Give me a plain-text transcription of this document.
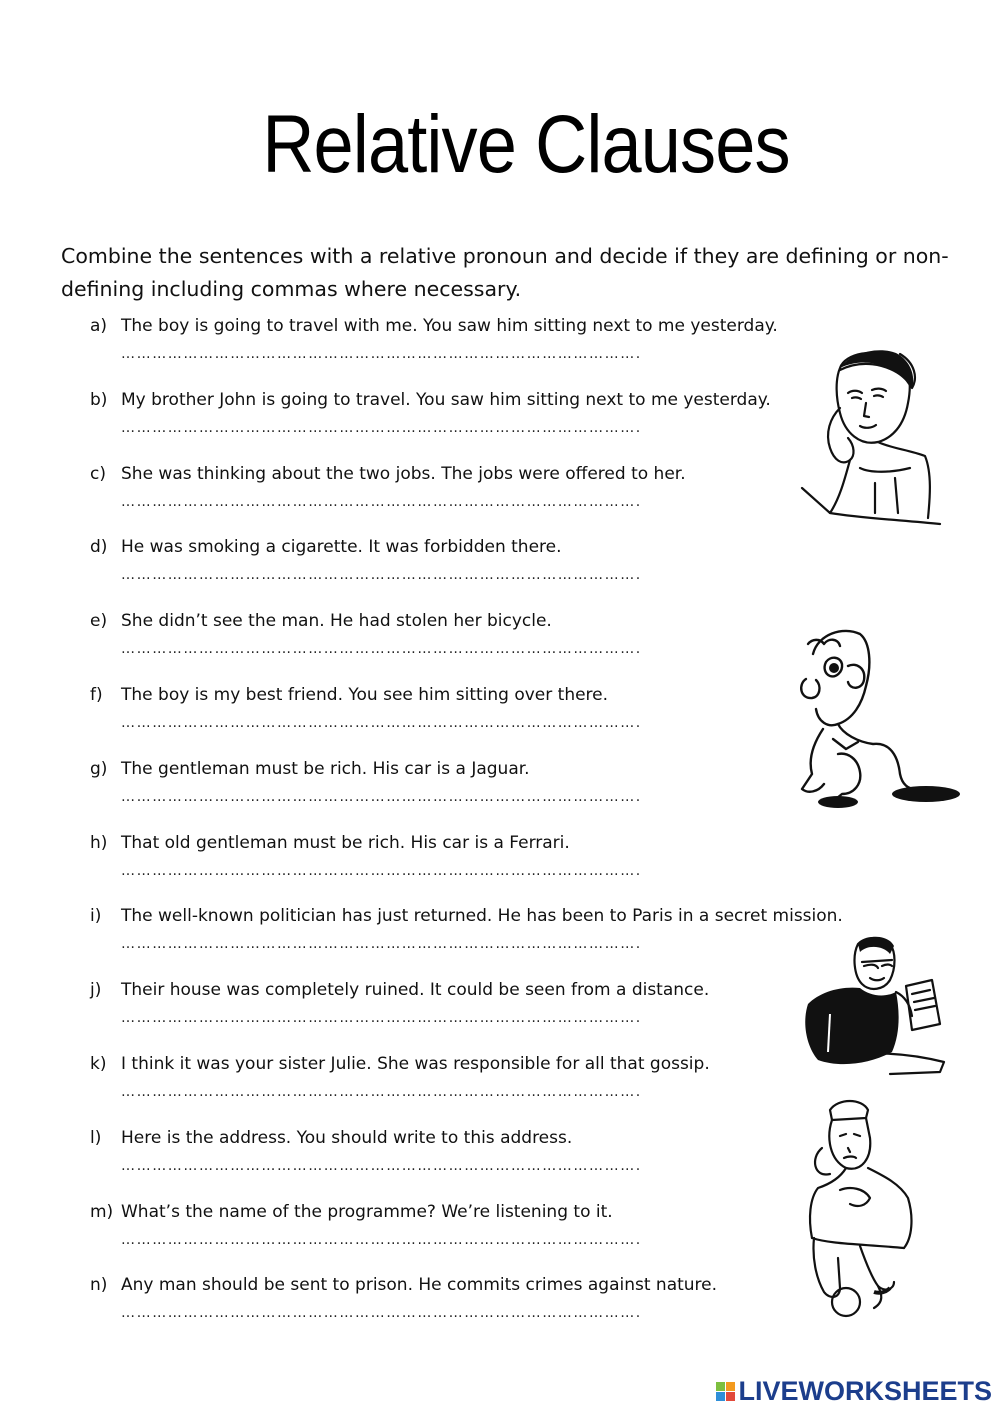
Relative Clauses
Combine the sentences with a relative pronoun and decide if they are defining or non-defining including commas where necessary.
a) The boy is going to travel with me. You saw him sitting next to me yesterday.
……………………………………………………………………………………….
b) My brother John is going to travel. You saw him sitting next to me yesterday.
……………………………………………………………………………………….
c) She was thinking about the two jobs. The jobs were offered to her.
……………………………………………………………………………………….
d) He was smoking a cigarette. It was forbidden there.
……………………………………………………………………………………….
e) She didn’t see the man. He had stolen her bicycle.
……………………………………………………………………………………….
f) The boy is my best friend. You see him sitting over there.
……………………………………………………………………………………….
g) The gentleman must be rich. His car is a Jaguar.
……………………………………………………………………………………….
h) That old gentleman must be rich. His car is a Ferrari.
……………………………………………………………………………………….
i) The well-known politician has just returned. He has been to Paris in a secret mission.
……………………………………………………………………………………….
j) Their house was completely ruined. It could be seen from a distance.
……………………………………………………………………………………….
k) I think it was your sister Julie. She was responsible for all that gossip.
……………………………………………………………………………………….
l) Here is the address. You should write to this address.
……………………………………………………………………………………….
m) What’s the name of the programme? We’re listening to it.
……………………………………………………………………………………….
n) Any man should be sent to prison. He commits crimes against nature.
……………………………………………………………………………………….
LIVEWORKSHEETS
